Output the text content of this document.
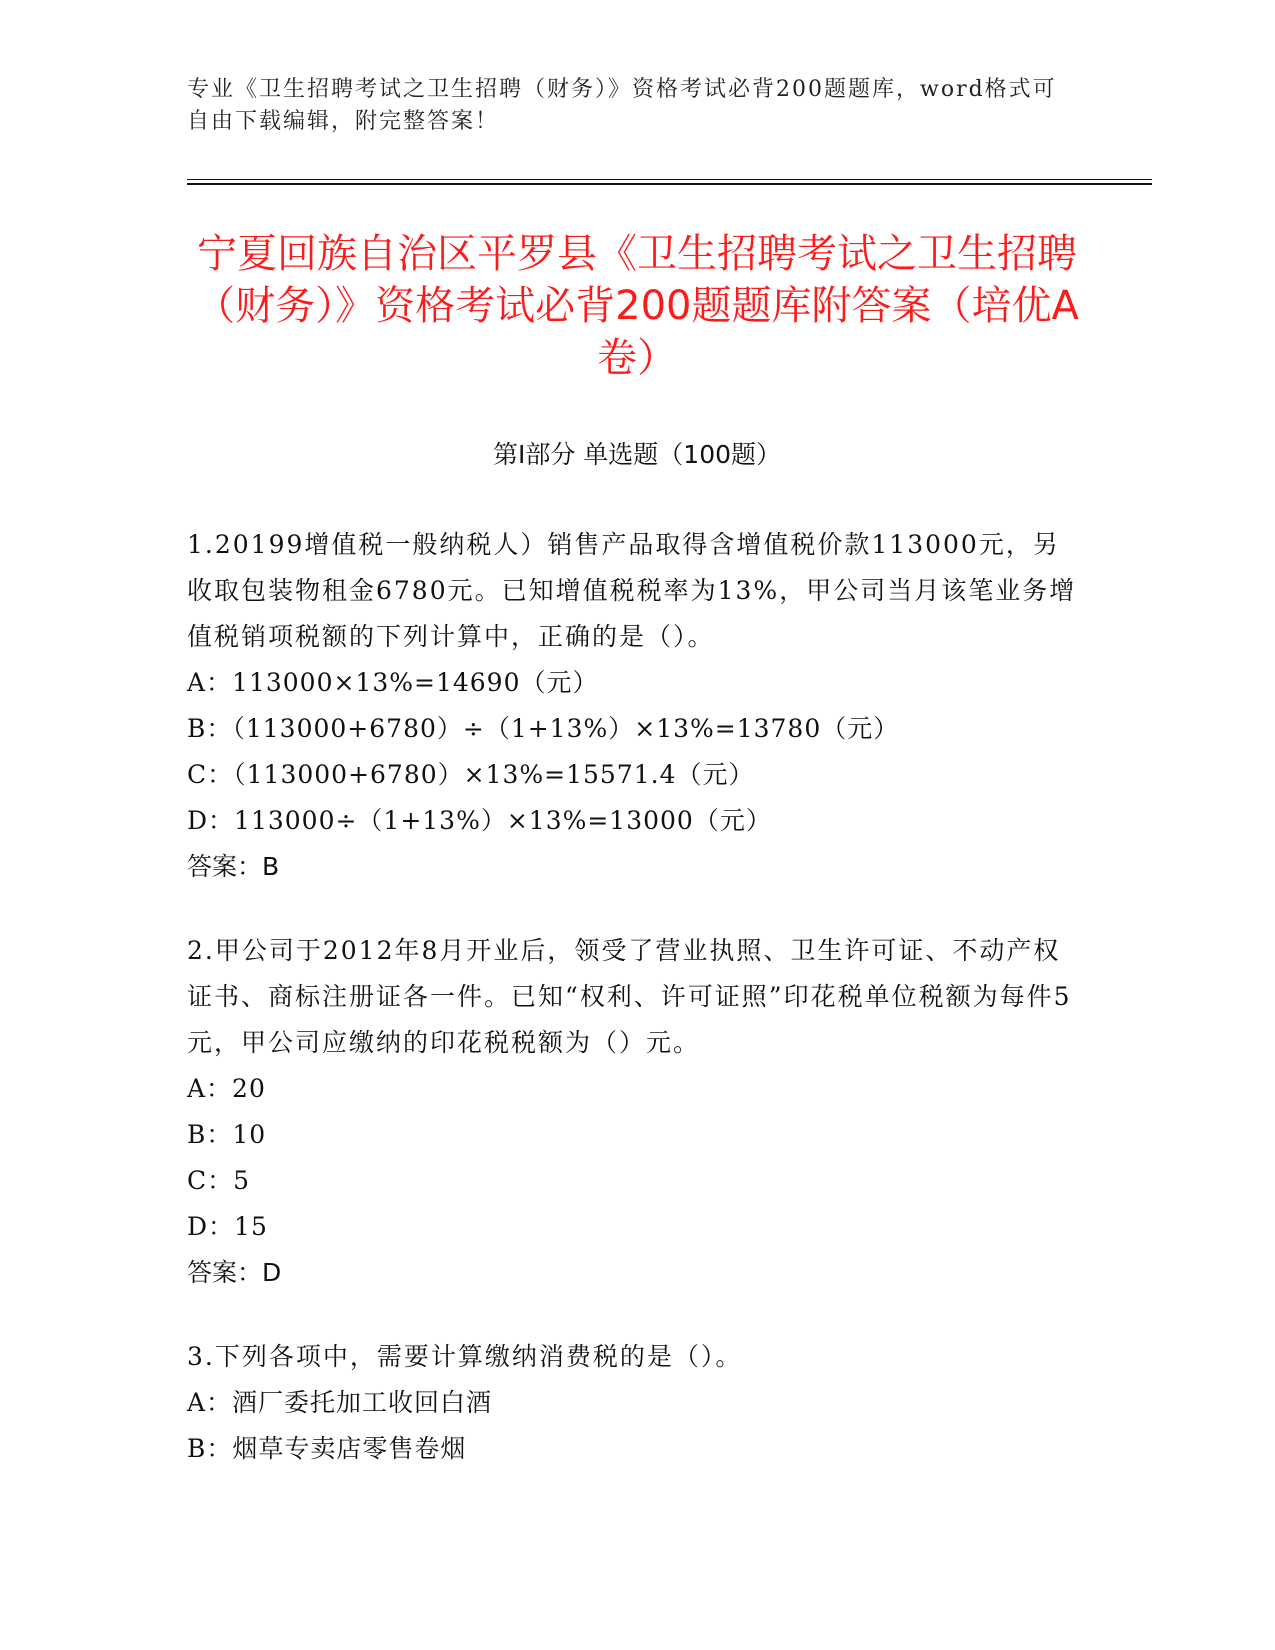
专业《卫生招聘考试之卫生招聘（财务）》资格考试必背200题题库，word格式可自由下载编辑，附完整答案！
宁夏回族自治区平罗县《卫生招聘考试之卫生招聘（财务）》资格考试必背200题题库附答案（培优A卷）
第I部分 单选题（100题）
1.20199增值税一般纳税人）销售产品取得含增值税价款113000元，另收取包装物租金6780元。已知增值税税率为13%，甲公司当月该笔业务增值税销项税额的下列计算中，正确的是（）。
A：113000×13%=14690（元）
B：（113000+6780）÷（1+13%）×13%=13780（元）
C：（113000+6780）×13%=15571.4（元）
D：113000÷（1+13%）×13%=13000（元）
答案：B
2.甲公司于2012年8月开业后，领受了营业执照、卫生许可证、不动产权证书、商标注册证各一件。已知“权利、许可证照”印花税单位税额为每件5元，甲公司应缴纳的印花税税额为（）元。
A：20
B：10
C：5
D：15
答案：D
3.下列各项中，需要计算缴纳消费税的是（）。
A：酒厂委托加工收回白酒
B：烟草专卖店零售卷烟
